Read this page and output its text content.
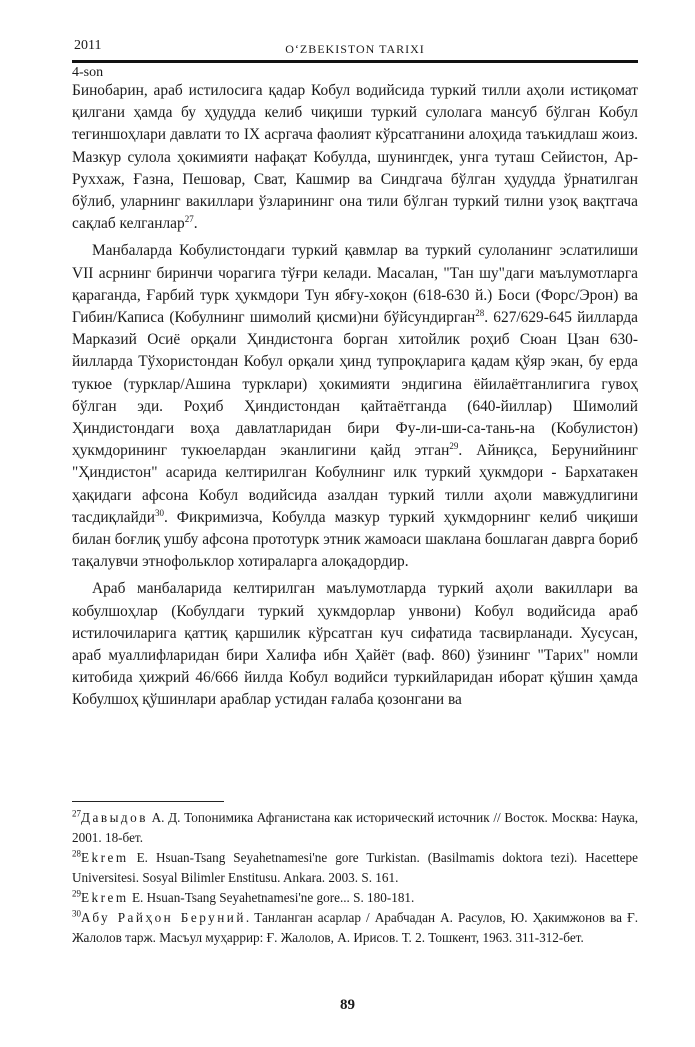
2011	O‘ZBEKISTON TARIXI
4-son

Бинобарин, араб истилосига қадар Кобул водийсида туркий тилли аҳоли истиқомат қилгани ҳамда бу ҳудудда келиб чиқиши туркий сулолага мансуб бўлган Кобул тегиншоҳлари давлати то IX асргача фаолият кўрсатганини алоҳида таъкидлаш жоиз. Мазкур сулола ҳокимияти нафақат Кобулда, шунингдек, унга туташ Сейистон, Ар-Руххаж, Ғазна, Пешовар, Сват, Кашмир ва Синдгача бўлган ҳудудда ўрнатилган бўлиб, уларнинг вакиллари ўзларининг она тили бўлган туркий тилни узоқ вақтгача сақлаб келганлар$^{27}$.

Манбаларда Кобулистондаги туркий қавмлар ва туркий сулоланинг эслатилиши VII асрнинг биринчи чорагига тўғри келади. Масалан, "Тан шу"даги маълумотларга қараганда, Ғарбий турк ҳукмдори Тун ябғу-хоқон (618-630 й.) Боси (Форс/Эрон) ва Гибин/Каписа (Кобулнинг шимолий қисми)ни бўйсундирган$^{28}$. 627/629-645 йилларда Марказий Осиё орқали Ҳиндистонга борган хитойлик роҳиб Сюан Цзан 630-йилларда Тўхористондан Кобул орқали ҳинд тупроқларига қадам қўяр экан, бу ерда тукюе (турклар/Ашина турклари) ҳокимияти эндигина ёйилаётганлигига гувоҳ бўлган эди. Роҳиб Ҳиндистондан қайтаётганда (640-йиллар) Шимолий Ҳиндистондаги воҳа давлатларидан бири Фу-ли-ши-са-тань-на (Кобулистон) ҳукмдорининг тукюелардан эканлигини қайд этган$^{29}$. Айниқса, Берунийнинг "Ҳиндистон" асарида келтирилган Кобулнинг илк туркий ҳукмдори - Бархатакен ҳақидаги афсона Кобул водийсида азалдан туркий тилли аҳоли мавжудлигини тасдиқлайди$^{30}$. Фикримизча, Кобулда мазкур туркий ҳукмдорнинг келиб чиқиши билан боғлиқ ушбу афсона прототурк этник жамоаси шаклана бошлаган даврга бориб тақалувчи этнофольклор хотираларга алоқадордир.

Араб манбаларида келтирилган маълумотларда туркий аҳоли вакиллари ва кобулшоҳлар (Кобулдаги туркий ҳукмдорлар унвони) Кобул водийсида араб истилочиларига қаттиқ қаршилик кўрсатган куч сифатида тасвирланади. Хусусан, араб муаллифларидан бири Халифа ибн Ҳайёт (ваф. 860) ўзининг "Тарих" номли китобида ҳижрий 46/666 йилда Кобул водийси туркийларидан иборат қўшин ҳамда Кобулшоҳ қўшинлари араблар устидан ғалаба қозонгани ва

$^{27}$Давыдов А. Д. Топонимика Афганистана как исторический источник // Восток. Москва: Наука, 2001. 18-бет.

$^{28}$Ekrem E. Hsuan-Tsang Seyahetnamesi'ne gore Turkistan. (Basilmamis doktora tezi). Hacettepe Universitesi. Sosyal Bilimler Enstitusu. Ankara. 2003. S. 161.

$^{29}$Ekrem E. Hsuan-Tsang Seyahetnamesi'ne gore... S. 180-181.

$^{30}$Абу Райҳон Беруний. Танланган асарлар / Арабчадан А. Расулов, Ю. Ҳакимжонов ва Ғ. Жалолов тарж. Масъул муҳаррир: Ғ. Жалолов, А. Ирисов. Т. 2. Тошкент, 1963. 311-312-бет.

89
